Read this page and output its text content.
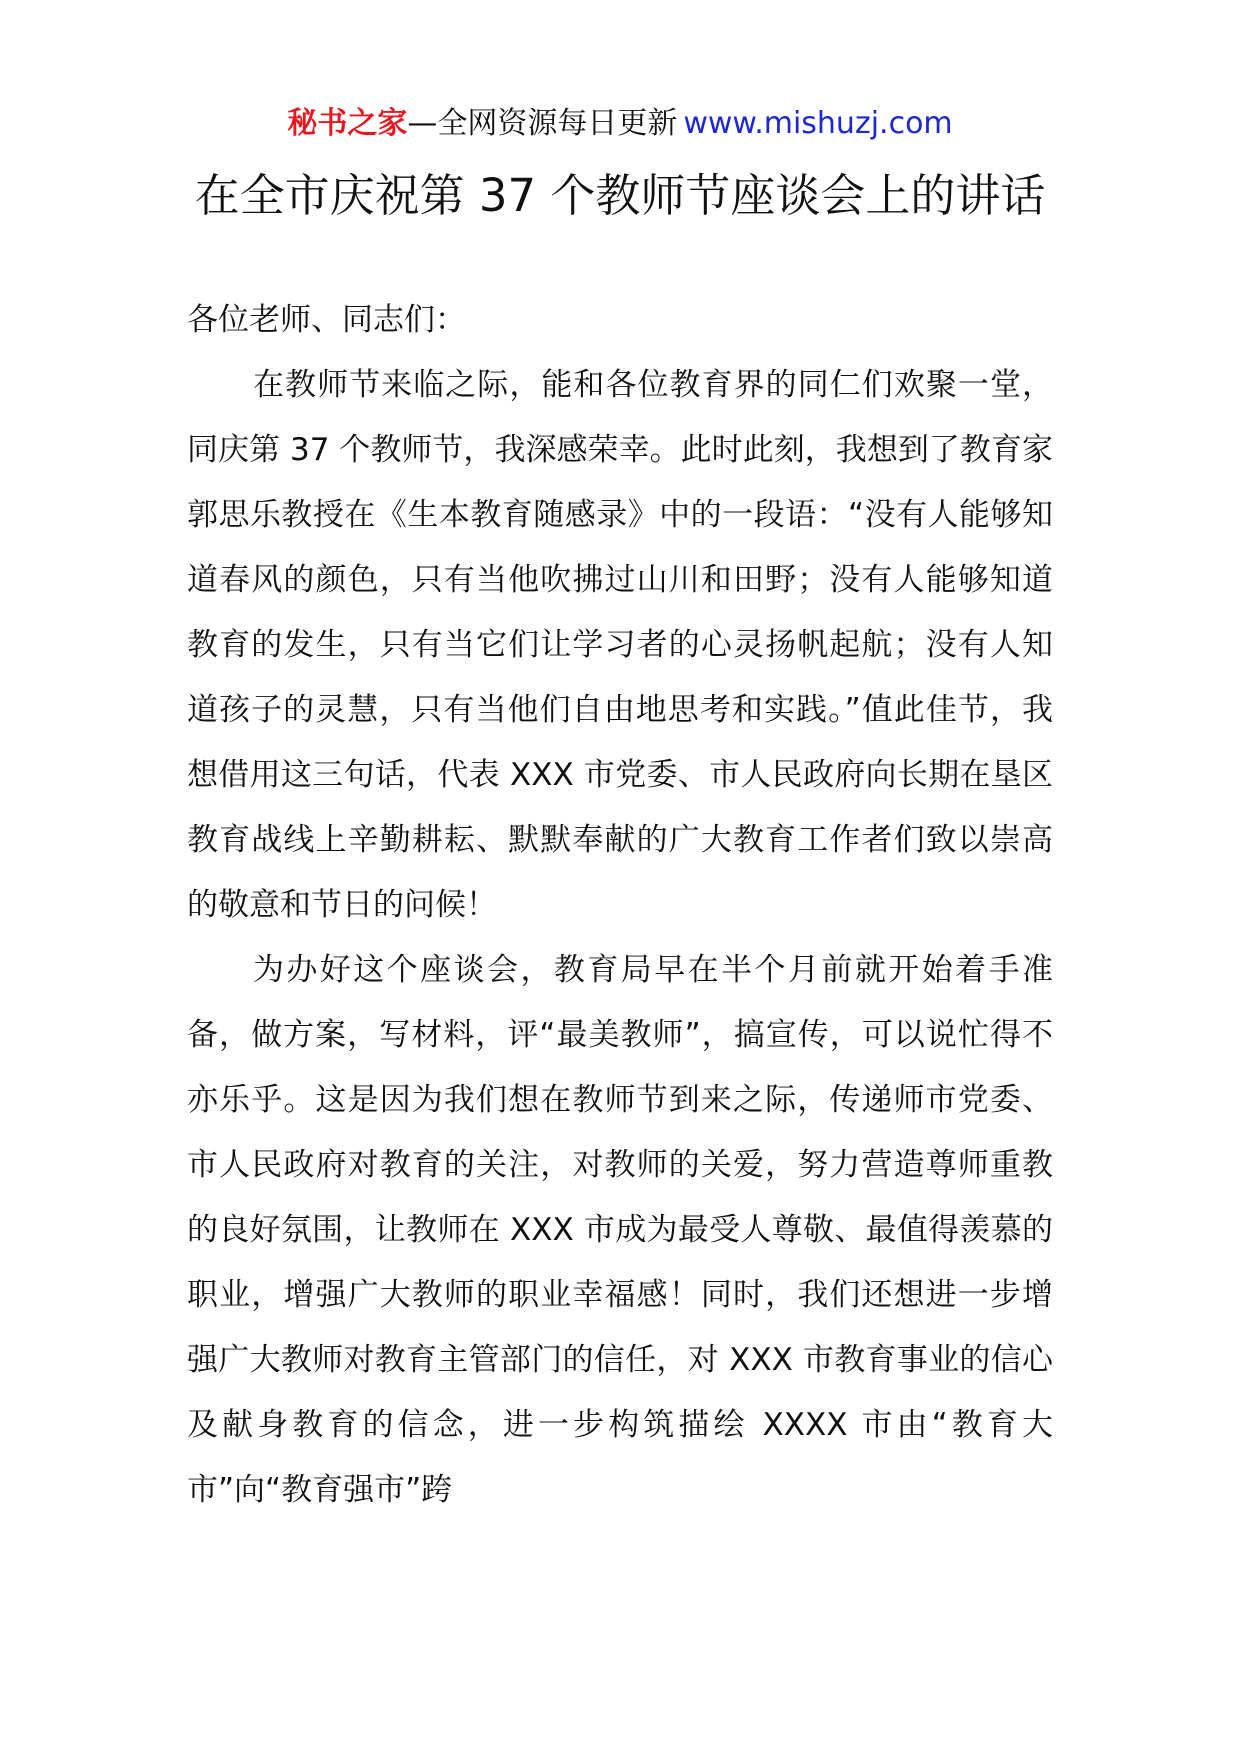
秘书之家—全网资源每日更新 www.mishuzj.com
在全市庆祝第 37 个教师节座谈会上的讲话

各位老师、同志们：

在教师节来临之际，能和各位教育界的同仁们欢聚一堂，同庆第 37 个教师节，我深感荣幸。此时此刻，我想到了教育家郭思乐教授在《生本教育随感录》中的一段语：“没有人能够知道春风的颜色，只有当他吹拂过山川和田野；没有人能够知道教育的发生，只有当它们让学习者的心灵扬帆起航；没有人知道孩子的灵慧，只有当他们自由地思考和实践。”值此佳节，我想借用这三句话，代表 XXX 市党委、市人民政府向长期在垦区教育战线上辛勤耕耘、默默奉献的广大教育工作者们致以崇高的敬意和节日的问候！

为办好这个座谈会，教育局早在半个月前就开始着手准备，做方案，写材料，评“最美教师”，搞宣传，可以说忙得不亦乐乎。这是因为我们想在教师节到来之际，传递师市党委、市人民政府对教育的关注，对教师的关爱，努力营造尊师重教的良好氛围，让教师在 XXX 市成为最受人尊敬、最值得羡慕的职业，增强广大教师的职业幸福感！同时，我们还想进一步增强广大教师对教育主管部门的信任，对 XXX 市教育事业的信心及献身教育的信念，进一步构筑描绘 XXXX 市由“教育大市”向“教育强市”跨
